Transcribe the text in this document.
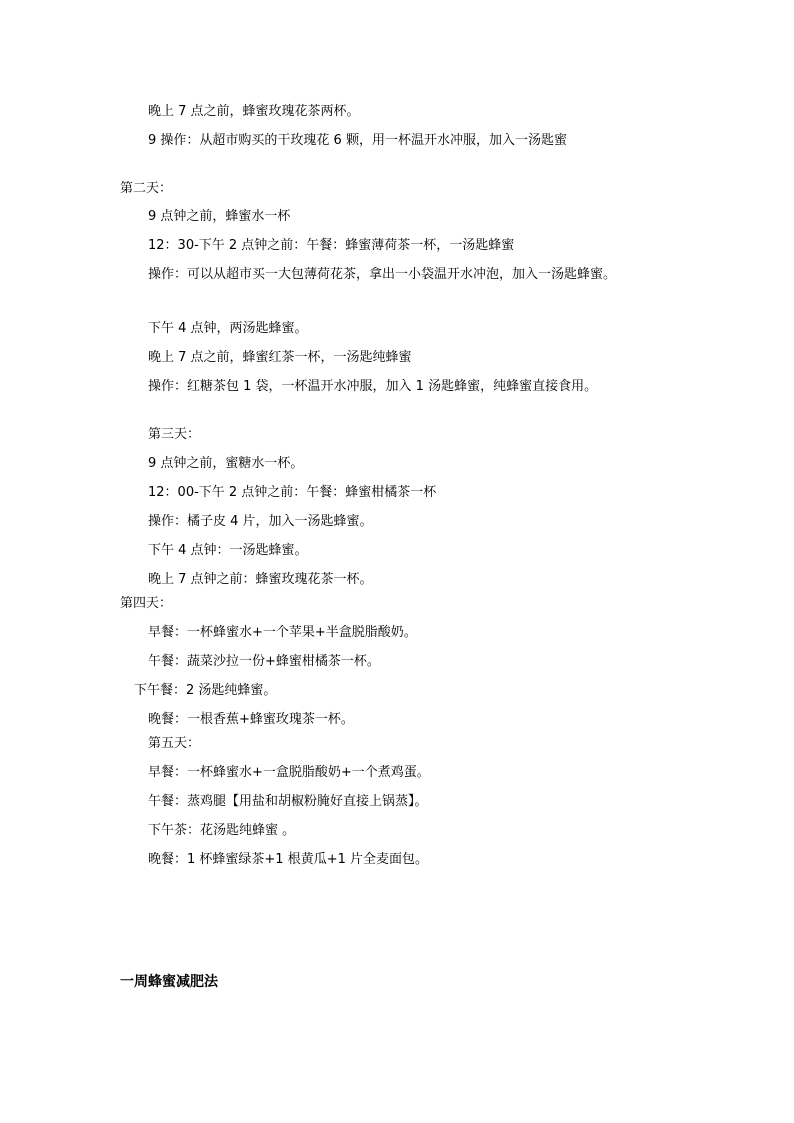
晚上 7 点之前，蜂蜜玫瑰花茶两杯。
9 操作：从超市购买的干玫瑰花 6 颗，用一杯温开水冲服，加入一汤匙蜜
第二天：
9 点钟之前，蜂蜜水一杯
12：30-下午 2 点钟之前：午餐：蜂蜜薄荷茶一杯，一汤匙蜂蜜
操作：可以从超市买一大包薄荷花茶，拿出一小袋温开水冲泡，加入一汤匙蜂蜜。
下午 4 点钟，两汤匙蜂蜜。
晚上 7 点之前，蜂蜜红茶一杯，一汤匙纯蜂蜜
操作：红糖茶包 1 袋，一杯温开水冲服，加入 1 汤匙蜂蜜，纯蜂蜜直接食用。
第三天：
9 点钟之前，蜜糖水一杯。
12：00-下午 2 点钟之前：午餐：蜂蜜柑橘茶一杯
操作：橘子皮 4 片，加入一汤匙蜂蜜。
下午 4 点钟：一汤匙蜂蜜。
晚上 7 点钟之前：蜂蜜玫瑰花茶一杯。
第四天：
早餐：一杯蜂蜜水+一个苹果+半盒脱脂酸奶。
午餐：蔬菜沙拉一份+蜂蜜柑橘茶一杯。
下午餐：2 汤匙纯蜂蜜。
晚餐：一根香蕉+蜂蜜玫瑰茶一杯。
第五天：
早餐：一杯蜂蜜水+一盒脱脂酸奶+一个煮鸡蛋。
午餐：蒸鸡腿【用盐和胡椒粉腌好直接上锅蒸】。
下午茶：花汤匙纯蜂蜜 。
晚餐：1 杯蜂蜜绿茶+1 根黄瓜+1 片全麦面包。
一周蜂蜜减肥法
